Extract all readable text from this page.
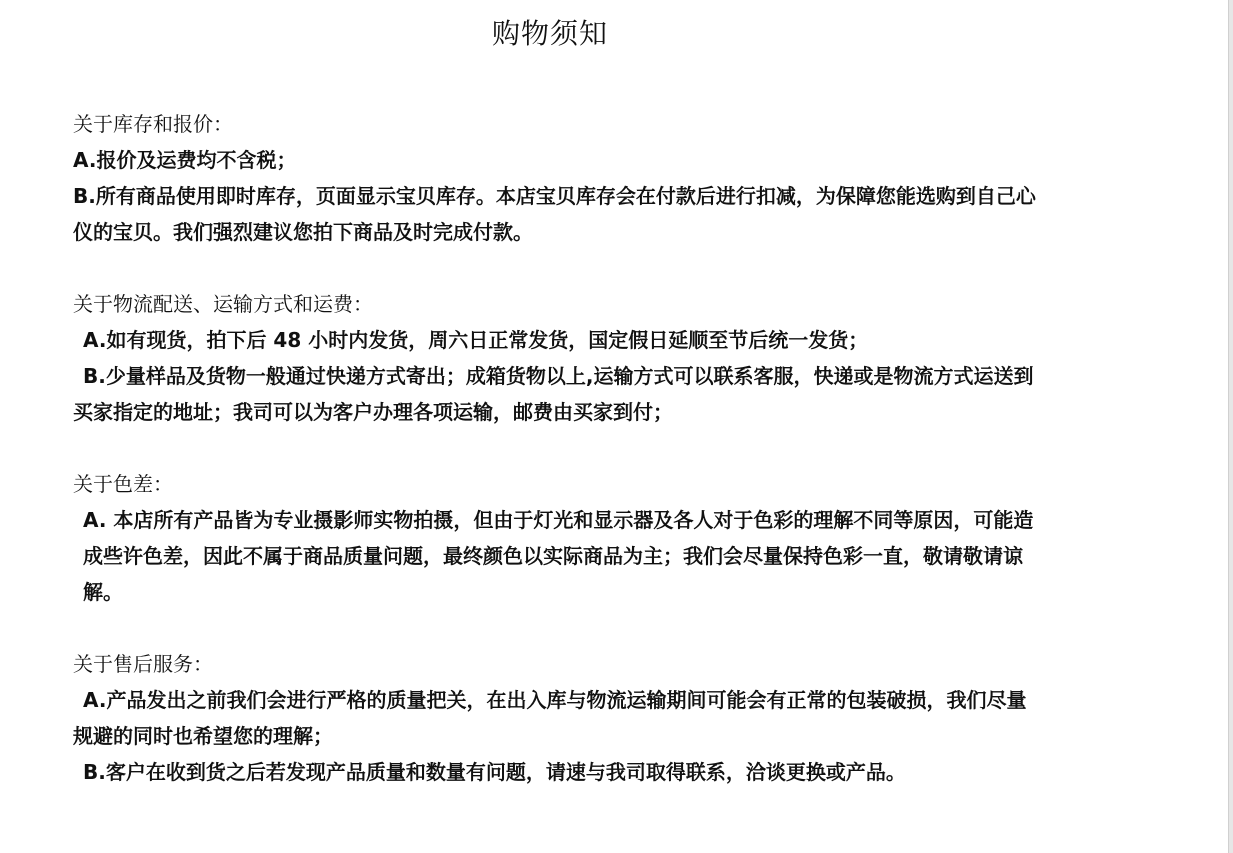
购物须知
关于库存和报价：
A.报价及运费均不含税；
B.所有商品使用即时库存，页面显示宝贝库存。本店宝贝库存会在付款后进行扣减，为保障您能选购到自己心仪的宝贝。我们强烈建议您拍下商品及时完成付款。
关于物流配送、运输方式和运费：
A.如有现货，拍下后 48 小时内发货，周六日正常发货，国定假日延顺至节后统一发货；
B.少量样品及货物一般通过快递方式寄出；成箱货物以上,运输方式可以联系客服，快递或是物流方式运送到买家指定的地址；我司可以为客户办理各项运输，邮费由买家到付；
关于色差：
A. 本店所有产品皆为专业摄影师实物拍摄，但由于灯光和显示器及各人对于色彩的理解不同等原因，可能造成些许色差，因此不属于商品质量问题，最终颜色以实际商品为主；我们会尽量保持色彩一直，敬请敬请谅解。
关于售后服务：
A.产品发出之前我们会进行严格的质量把关，在出入库与物流运输期间可能会有正常的包装破损，我们尽量规避的同时也希望您的理解；
B.客户在收到货之后若发现产品质量和数量有问题，请速与我司取得联系，洽谈更换或产品。
